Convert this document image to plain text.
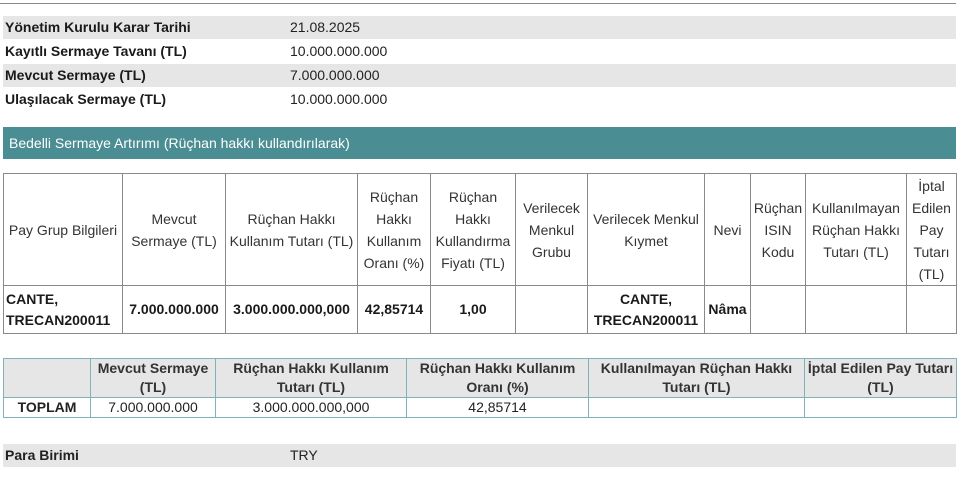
Yönetim Kurulu Karar Tarihi	21.08.2025
Kayıtlı Sermaye Tavanı (TL)	10.000.000.000
Mevcut Sermaye (TL)	7.000.000.000
Ulaşılacak Sermaye (TL)	10.000.000.000
Bedelli Sermaye Artırımı (Rüçhan hakkı kullandırılarak)
Pay Grup Bilgileri	Mevcut Sermaye (TL)	Rüçhan Hakkı Kullanım Tutarı (TL)	Rüçhan Hakkı Kullanım Oranı (%)	Rüçhan Hakkı Kullandırma Fiyatı (TL)	Verilecek Menkul Grubu	Verilecek Menkul Kıymet	Nevi	Rüçhan ISIN Kodu	Kullanılmayan Rüçhan Hakkı Tutarı (TL)	İptal Edilen Pay Tutarı (TL)
CANTE, TRECAN200011	7.000.000.000	3.000.000.000,000	42,85714	1,00		CANTE, TRECAN200011	Nâma			
	Mevcut Sermaye (TL)	Rüçhan Hakkı Kullanım Tutarı (TL)	Rüçhan Hakkı Kullanım Oranı (%)	Kullanılmayan Rüçhan Hakkı Tutarı (TL)	İptal Edilen Pay Tutarı (TL)
TOPLAM	7.000.000.000	3.000.000.000,000	42,85714		
Para Birimi	TRY
